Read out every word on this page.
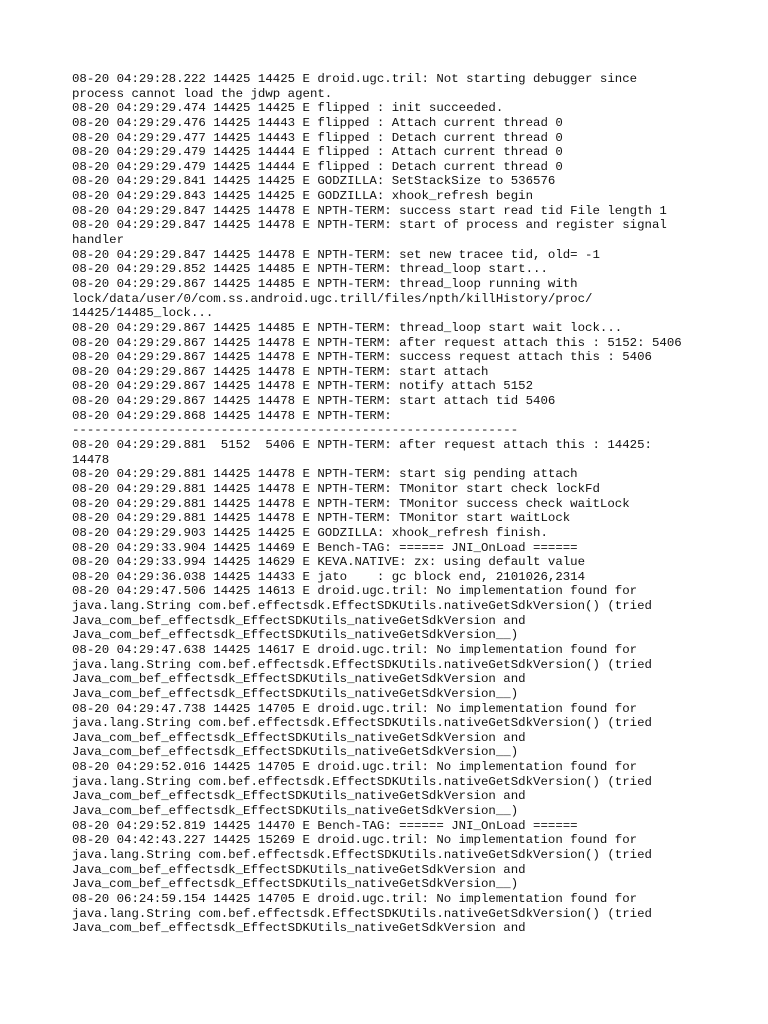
08-20 04:29:28.222 14425 14425 E droid.ugc.tril: Not starting debugger since
process cannot load the jdwp agent.
08-20 04:29:29.474 14425 14425 E flipped : init succeeded.
08-20 04:29:29.476 14425 14443 E flipped : Attach current thread 0
08-20 04:29:29.477 14425 14443 E flipped : Detach current thread 0
08-20 04:29:29.479 14425 14444 E flipped : Attach current thread 0
08-20 04:29:29.479 14425 14444 E flipped : Detach current thread 0
08-20 04:29:29.841 14425 14425 E GODZILLA: SetStackSize to 536576
08-20 04:29:29.843 14425 14425 E GODZILLA: xhook_refresh begin
08-20 04:29:29.847 14425 14478 E NPTH-TERM: success start read tid File length 1
08-20 04:29:29.847 14425 14478 E NPTH-TERM: start of process and register signal
handler
08-20 04:29:29.847 14425 14478 E NPTH-TERM: set new tracee tid, old= -1
08-20 04:29:29.852 14425 14485 E NPTH-TERM: thread_loop start...
08-20 04:29:29.867 14425 14485 E NPTH-TERM: thread_loop running with
lock/data/user/0/com.ss.android.ugc.trill/files/npth/killHistory/proc/
14425/14485_lock...
08-20 04:29:29.867 14425 14485 E NPTH-TERM: thread_loop start wait lock...
08-20 04:29:29.867 14425 14478 E NPTH-TERM: after request attach this : 5152: 5406
08-20 04:29:29.867 14425 14478 E NPTH-TERM: success request attach this : 5406
08-20 04:29:29.867 14425 14478 E NPTH-TERM: start attach
08-20 04:29:29.867 14425 14478 E NPTH-TERM: notify attach 5152
08-20 04:29:29.867 14425 14478 E NPTH-TERM: start attach tid 5406
08-20 04:29:29.868 14425 14478 E NPTH-TERM:
------------------------------------------------------------
08-20 04:29:29.881  5152  5406 E NPTH-TERM: after request attach this : 14425:
14478
08-20 04:29:29.881 14425 14478 E NPTH-TERM: start sig pending attach
08-20 04:29:29.881 14425 14478 E NPTH-TERM: TMonitor start check lockFd
08-20 04:29:29.881 14425 14478 E NPTH-TERM: TMonitor success check waitLock
08-20 04:29:29.881 14425 14478 E NPTH-TERM: TMonitor start waitLock
08-20 04:29:29.903 14425 14425 E GODZILLA: xhook_refresh finish.
08-20 04:29:33.904 14425 14469 E Bench-TAG: ====== JNI_OnLoad ======
08-20 04:29:33.994 14425 14629 E KEVA.NATIVE: zx: using default value
08-20 04:29:36.038 14425 14433 E jato    : gc block end, 2101026,2314
08-20 04:29:47.506 14425 14613 E droid.ugc.tril: No implementation found for
java.lang.String com.bef.effectsdk.EffectSDKUtils.nativeGetSdkVersion() (tried
Java_com_bef_effectsdk_EffectSDKUtils_nativeGetSdkVersion and
Java_com_bef_effectsdk_EffectSDKUtils_nativeGetSdkVersion__)
08-20 04:29:47.638 14425 14617 E droid.ugc.tril: No implementation found for
java.lang.String com.bef.effectsdk.EffectSDKUtils.nativeGetSdkVersion() (tried
Java_com_bef_effectsdk_EffectSDKUtils_nativeGetSdkVersion and
Java_com_bef_effectsdk_EffectSDKUtils_nativeGetSdkVersion__)
08-20 04:29:47.738 14425 14705 E droid.ugc.tril: No implementation found for
java.lang.String com.bef.effectsdk.EffectSDKUtils.nativeGetSdkVersion() (tried
Java_com_bef_effectsdk_EffectSDKUtils_nativeGetSdkVersion and
Java_com_bef_effectsdk_EffectSDKUtils_nativeGetSdkVersion__)
08-20 04:29:52.016 14425 14705 E droid.ugc.tril: No implementation found for
java.lang.String com.bef.effectsdk.EffectSDKUtils.nativeGetSdkVersion() (tried
Java_com_bef_effectsdk_EffectSDKUtils_nativeGetSdkVersion and
Java_com_bef_effectsdk_EffectSDKUtils_nativeGetSdkVersion__)
08-20 04:29:52.819 14425 14470 E Bench-TAG: ====== JNI_OnLoad ======
08-20 04:42:43.227 14425 15269 E droid.ugc.tril: No implementation found for
java.lang.String com.bef.effectsdk.EffectSDKUtils.nativeGetSdkVersion() (tried
Java_com_bef_effectsdk_EffectSDKUtils_nativeGetSdkVersion and
Java_com_bef_effectsdk_EffectSDKUtils_nativeGetSdkVersion__)
08-20 06:24:59.154 14425 14705 E droid.ugc.tril: No implementation found for
java.lang.String com.bef.effectsdk.EffectSDKUtils.nativeGetSdkVersion() (tried
Java_com_bef_effectsdk_EffectSDKUtils_nativeGetSdkVersion and
